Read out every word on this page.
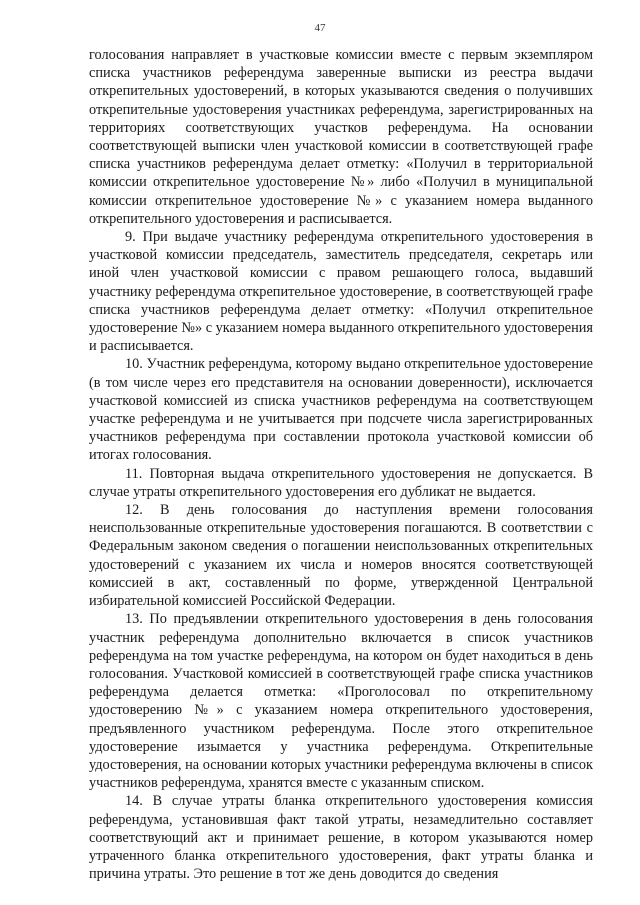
47

голосования направляет в участковые комиссии вместе с первым экземпляром списка участников референдума заверенные выписки из реестра выдачи открепительных удостоверений, в которых указываются сведения о получивших открепительные удостоверения участниках референдума, зарегистрированных на территориях соответствующих участков референдума. На основании соответствующей выписки член участковой комиссии в соответствующей графе списка участников референдума делает отметку: «Получил в территориальной комиссии открепительное удостоверение №» либо «Получил в муниципальной комиссии открепительное удостоверение №» с указанием номера выданного открепительного удостоверения и расписывается.

9. При выдаче участнику референдума открепительного удостоверения в участковой комиссии председатель, заместитель председателя, секретарь или иной член участковой комиссии с правом решающего голоса, выдавший участнику референдума открепительное удостоверение, в соответствующей графе списка участников референдума делает отметку: «Получил открепительное удостоверение №» с указанием номера выданного открепительного удостоверения и расписывается.

10. Участник референдума, которому выдано открепительное удостоверение (в том числе через его представителя на основании доверенности), исключается участковой комиссией из списка участников референдума на соответствующем участке референдума и не учитывается при подсчете числа зарегистрированных участников референдума при составлении протокола участковой комиссии об итогах голосования.

11. Повторная выдача открепительного удостоверения не допускается. В случае утраты открепительного удостоверения его дубликат не выдается.

12. В день голосования до наступления времени голосования неиспользованные открепительные удостоверения погашаются. В соответствии с Федеральным законом сведения о погашении неиспользованных открепительных удостоверений с указанием их числа и номеров вносятся соответствующей комиссией в акт, составленный по форме, утвержденной Центральной избирательной комиссией Российской Федерации.

13. По предъявлении открепительного удостоверения в день голосования участник референдума дополнительно включается в список участников референдума на том участке референдума, на котором он будет находиться в день голосования. Участковой комиссией в соответствующей графе списка участников референдума делается отметка: «Проголосовал по открепительному удостоверению №» с указанием номера открепительного удостоверения, предъявленного участником референдума. После этого открепительное удостоверение изымается у участника референдума. Открепительные удостоверения, на основании которых участники референдума включены в список участников референдума, хранятся вместе с указанным списком.

14. В случае утраты бланка открепительного удостоверения комиссия референдума, установившая факт такой утраты, незамедлительно составляет соответствующий акт и принимает решение, в котором указываются номер утраченного бланка открепительного удостоверения, факт утраты бланка и причина утраты. Это решение в тот же день доводится до сведения
